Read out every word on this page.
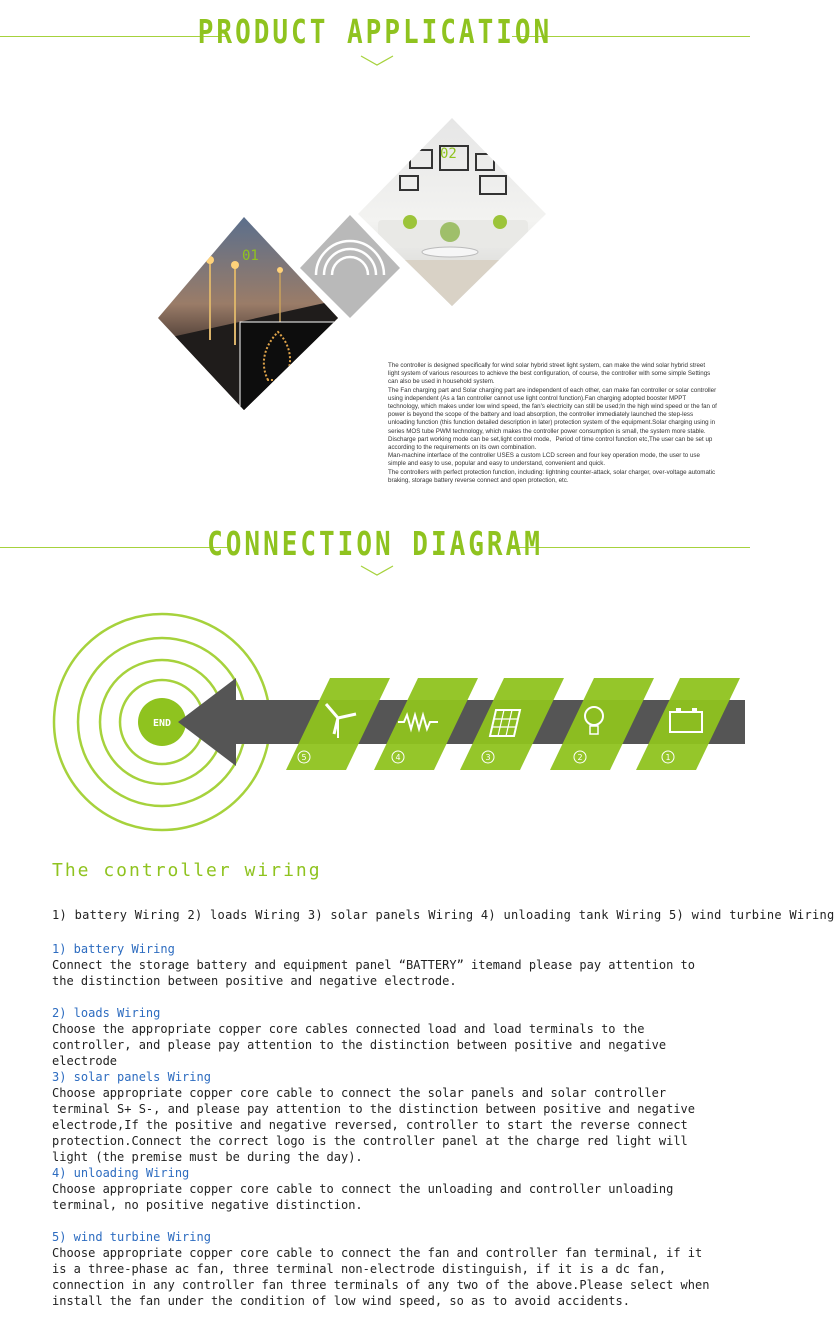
PRODUCT APPLICATION
01
02

The controller is designed specifically for wind solar hybrid street light system, can make the wind solar hybrid street light system of various resources to achieve the best configuration, of course, the controller with some simple Settings can also be used in household system.

The Fan charging part and Solar charging part are independent of each other, can make fan controller or solar controller using independent (As a fan controller cannot use light control function).Fan charging adopted booster MPPT technology, which makes under low wind speed, the fan's electricity can still be used;In the high wind speed or the fan of power is beyond the scope of the battery and load absorption, the controller immediately launched the step-less unloading function (this function detailed description in later) protection system of the equipment.Solar charging using in series MOS tube PWM technology, which makes the controller power consumption is small, the system more stable.

Discharge part working mode can be set,light control mode、Period of time control function etc,The user can be set up according to the requirements on its own combination.

Man-machine interface of the controller USES a custom LCD screen and four key operation mode, the user to use simple and easy to use, popular and easy to understand, convenient and quick.

The controllers with perfect protection function, including: lightning counter-attack, solar charger, over-voltage automatic braking, storage battery reverse connect and open protection, etc.

CONNECTION DIAGRAM
END
5	4	3	2	1
The controller wiring
1) battery Wiring 2) loads Wiring 3) solar panels Wiring 4) unloading tank Wiring 5) wind turbine Wiring
1) battery Wiring
Connect the storage battery and equipment panel “BATTERY” itemand please pay attention to the distinction between positive and negative electrode.
2) loads Wiring
Choose the appropriate copper core cables connected load and load terminals to the controller, and please pay attention to the distinction between positive and negative electrode
3) solar panels Wiring
Choose appropriate copper core cable to connect the solar panels and solar controller terminal S+ S-, and please pay attention to the distinction between positive and negative electrode,If the positive and negative reversed, controller to start the reverse connect protection.Connect the correct logo is the controller panel at the charge red light will light (the premise must be during the day).
4) unloading Wiring
Choose appropriate copper core cable to connect the unloading and controller unloading terminal, no positive negative distinction.
5) wind turbine Wiring
Choose appropriate copper core cable to connect the fan and controller fan terminal, if it is a three-phase ac fan, three terminal non-electrode distinguish, if it is a dc fan, connection in any controller fan three terminals of any two of the above.Please select when install the fan under the condition of low wind speed, so as to avoid accidents.
